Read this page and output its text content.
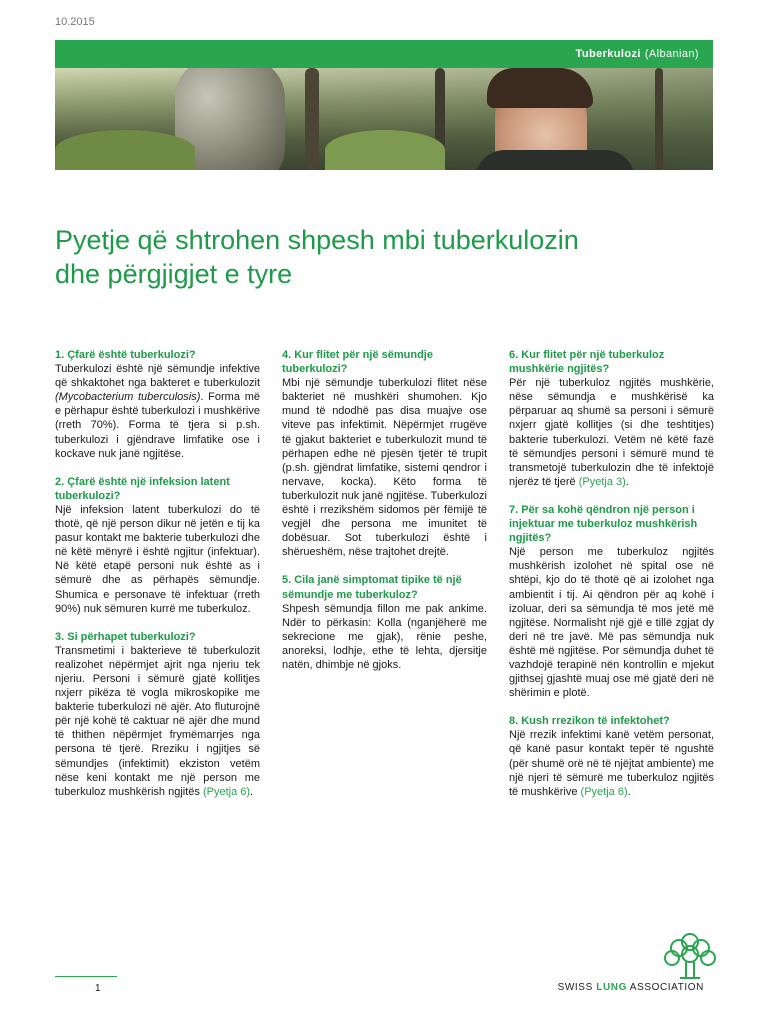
10.2015
Tuberkulozi (Albanian)
Pyetje që shtrohen shpesh mbi tuberkulozin
dhe përgjigjet e tyre

1. Çfarë është tuberkulozi?

Tuberkulozi është një sëmundje infektive që shkaktohet nga bakteret e tuberkulozit (Mycobacterium tuberculosis). Forma më e përhapur është tuberkulozi i mushkërive (rreth 70%). Forma të tjera si p.sh. tuberkulozi i gjëndrave limfatike ose i kockave nuk janë ngjitëse.

2. Çfarë është një infeksion latent tuberkulozi?

Një infeksion latent tuberkulozi do të thotë, që një person dikur në jetën e tij ka pasur kontakt me bakterie tuberkulozi dhe në këtë mënyrë i është ngjitur (infektuar). Në këtë etapë personi nuk është as i sëmurë dhe as përhapës sëmundje. Shumica e personave të infektuar (rreth 90%) nuk sëmuren kurrë me tuberkuloz.

3. Si përhapet tuberkulozi?

Transmetimi i bakterieve të tuberkulozit realizohet nëpërmjet ajrit nga njeriu tek njeriu. Personi i sëmurë gjatë kollitjes nxjerr pikëza të vogla mikroskopike me bakterie tuberkulozi në ajër. Ato fluturojnë për një kohë të caktuar në ajër dhe mund të thithen nëpërmjet frymëmarrjes nga persona të tjerë. Rreziku i ngjitjes së sëmundjes (infektimit) ekziston vetëm nëse keni kontakt me një person me tuberkuloz mushkërish ngjitës (Pyetja 6).

4. Kur flitet për një sëmundje tuberkulozi?

Mbi një sëmundje tuberkulozi flitet nëse bakteriet në mushkëri shumohen. Kjo mund të ndodhë pas disa muajve ose viteve pas infektimit. Nëpërmjet rrugëve të gjakut bakteriet e tuberkulozit mund të përhapen edhe në pjesën tjetër të trupit (p.sh. gjëndrat limfatike, sistemi qendror i nervave, kocka). Këto forma të tuberkulozit nuk janë ngjitëse. Tuberkulozi është i rrezikshëm sidomos për fëmijë të vegjël dhe persona me imunitet të dobësuar. Sot tuberkulozi është i shërueshëm, nëse trajtohet drejtë.

5. Cila janë simptomat tipike të një sëmundje me tuberkuloz?

Shpesh sëmundja fillon me pak ankime. Ndër to përkasin: Kolla (nganjëherë me sekrecione me gjak), rënie peshe, anoreksi, lodhje, ethe të lehta, djersitje natën, dhimbje në gjoks.

6. Kur flitet për një tuberkuloz mushkërie ngjitës?

Për një tuberkuloz ngjitës mushkërie, nëse sëmundja e mushkërisë ka përparuar aq shumë sa personi i sëmurë nxjerr gjatë kollitjes (si dhe teshtitjes) bakterie tuberkulozi. Vetëm në këtë fazë të sëmundjes personi i sëmurë mund të transmetojë tuberkulozin dhe të infektojë njerëz të tjerë (Pyetja 3).

7. Për sa kohë qëndron një person i injektuar me tuberkuloz mushkërish ngjitës?

Një person me tuberkuloz ngjitës mushkërish izolohet në spital ose në shtëpi, kjo do të thotë që ai izolohet nga ambientit i tij. Ai qëndron për aq kohë i izoluar, deri sa sëmundja të mos jetë më ngjitëse. Normalisht një gjë e tillë zgjat dy deri në tre javë. Më pas sëmundja nuk është më ngjitëse. Por sëmundja duhet të vazhdojë terapinë nën kontrollin e mjekut gjithsej gjashtë muaj ose më gjatë deri në shërimin e plotë.

8. Kush rrezikon të infektohet?

Një rrezik infektimi kanë vetëm personat, që kanë pasur kontakt tepër të ngushtë (për shumë orë në të njëjtat ambiente) me një njeri të sëmurë me tuberkuloz ngjitës të mushkërive (Pyetja 6).

1	SWISS LUNG ASSOCIATION
